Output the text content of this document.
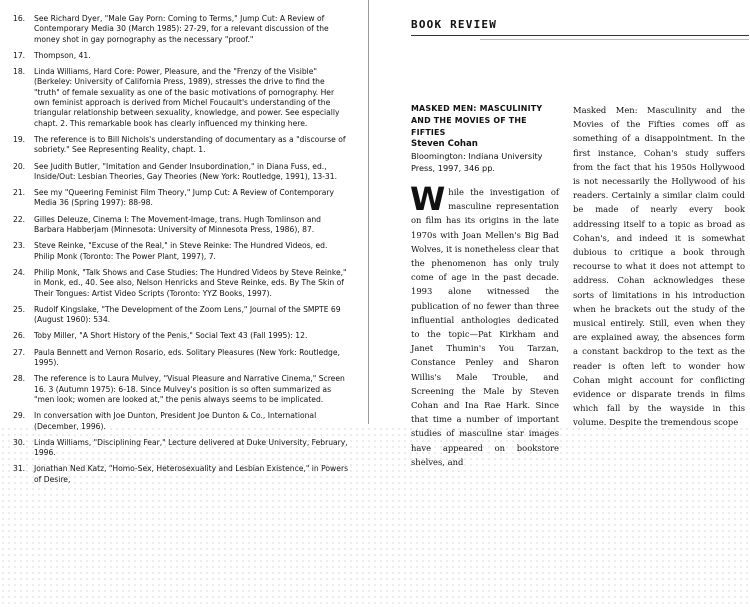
16.	See Richard Dyer, "Male Gay Porn: Coming to Terms," Jump Cut: A Review of Contemporary Media 30 (March 1985): 27-29, for a relevant discussion of the money shot in gay pornography as the necessary "proof."
17.	Thompson, 41.
18.	Linda Williams, Hard Core: Power, Pleasure, and the "Frenzy of the Visible" (Berkeley: University of California Press, 1989), stresses the drive to find the "truth" of female sexuality as one of the basic motivations of pornography. Her own feminist approach is derived from Michel Foucault's understanding of the triangular relationship between sexuality, knowledge, and power. See especially chapt. 2. This remarkable book has clearly influenced my thinking here.
19.	The reference is to Bill Nichols's understanding of documentary as a "discourse of sobriety." See Representing Reality, chapt. 1.
20.	See Judith Butler, "Imitation and Gender Insubordination," in Diana Fuss, ed., Inside/Out: Lesbian Theories, Gay Theories (New York: Routledge, 1991), 13-31.
21.	See my "Queering Feminist Film Theory," Jump Cut: A Review of Contemporary Media 36 (Spring 1997): 88-98.
22.	Gilles Deleuze, Cinema I: The Movement-Image, trans. Hugh Tomlinson and Barbara Habberjam (Minnesota: University of Minnesota Press, 1986), 87.
23.	Steve Reinke, "Excuse of the Real," in Steve Reinke: The Hundred Videos, ed. Philip Monk (Toronto: The Power Plant, 1997), 7.
24.	Philip Monk, "Talk Shows and Case Studies: The Hundred Videos by Steve Reinke," in Monk, ed., 40. See also, Nelson Henricks and Steve Reinke, eds. By The Skin of Their Tongues: Artist Video Scripts (Toronto: YYZ Books, 1997).
25.	Rudolf Kingslake, "The Development of the Zoom Lens," Journal of the SMPTE 69 (August 1960): 534.
26.	Toby Miller, "A Short History of the Penis," Social Text 43 (Fall 1995): 12.
27.	Paula Bennett and Vernon Rosario, eds. Solitary Pleasures (New York: Routledge, 1995).
28.	The reference is to Laura Mulvey, "Visual Pleasure and Narrative Cinema," Screen 16. 3 (Autumn 1975): 6-18. Since Mulvey's position is so often summarized as "men look; women are looked at," the penis always seems to be implicated.
29.	In conversation with Joe Dunton, President Joe Dunton & Co., International (December, 1996).
30.	Linda Williams, "Disciplining Fear," Lecture delivered at Duke University, February, 1996.
31.	Jonathan Ned Katz, "Homo-Sex, Heterosexuality and Lesbian Existence," in Powers of Desire,
BOOK REVIEW
MASKED MEN: MASCULINITY AND THE MOVIES OF THE FIFTIES
Steven Cohan
Bloomington: Indiana University Press, 1997, 346 pp.

While the investigation of masculine representation on film has its origins in the late 1970s with Joan Mellen's Big Bad Wolves, it is nonetheless clear that the phenomenon has only truly come of age in the past decade. 1993 alone witnessed the publication of no fewer than three influential anthologies dedicated to the topic—Pat Kirkham and Janet Thumin's You Tarzan, Constance Penley and Sharon Willis's Male Trouble, and Screening the Male by Steven Cohan and Ina Rae Hark. Since that time a number of important studies of masculine star images have appeared on bookstore shelves, and

Masked Men: Masculinity and the Movies of the Fifties comes off as something of a disappointment. In the first instance, Cohan's study suffers from the fact that his 1950s Hollywood is not necessarily the Hollywood of his readers. Certainly a similar claim could be made of nearly every book addressing itself to a topic as broad as Cohan's, and indeed it is somewhat dubious to critique a book through recourse to what it does not attempt to address. Cohan acknowledges these sorts of limitations in his introduction when he brackets out the study of the musical entirely. Still, even when they are explained away, the absences form a constant backdrop to the text as the reader is often left to wonder how Cohan might account for conflicting evidence or disparate trends in films which fall by the wayside in this volume. Despite the tremendous scope
